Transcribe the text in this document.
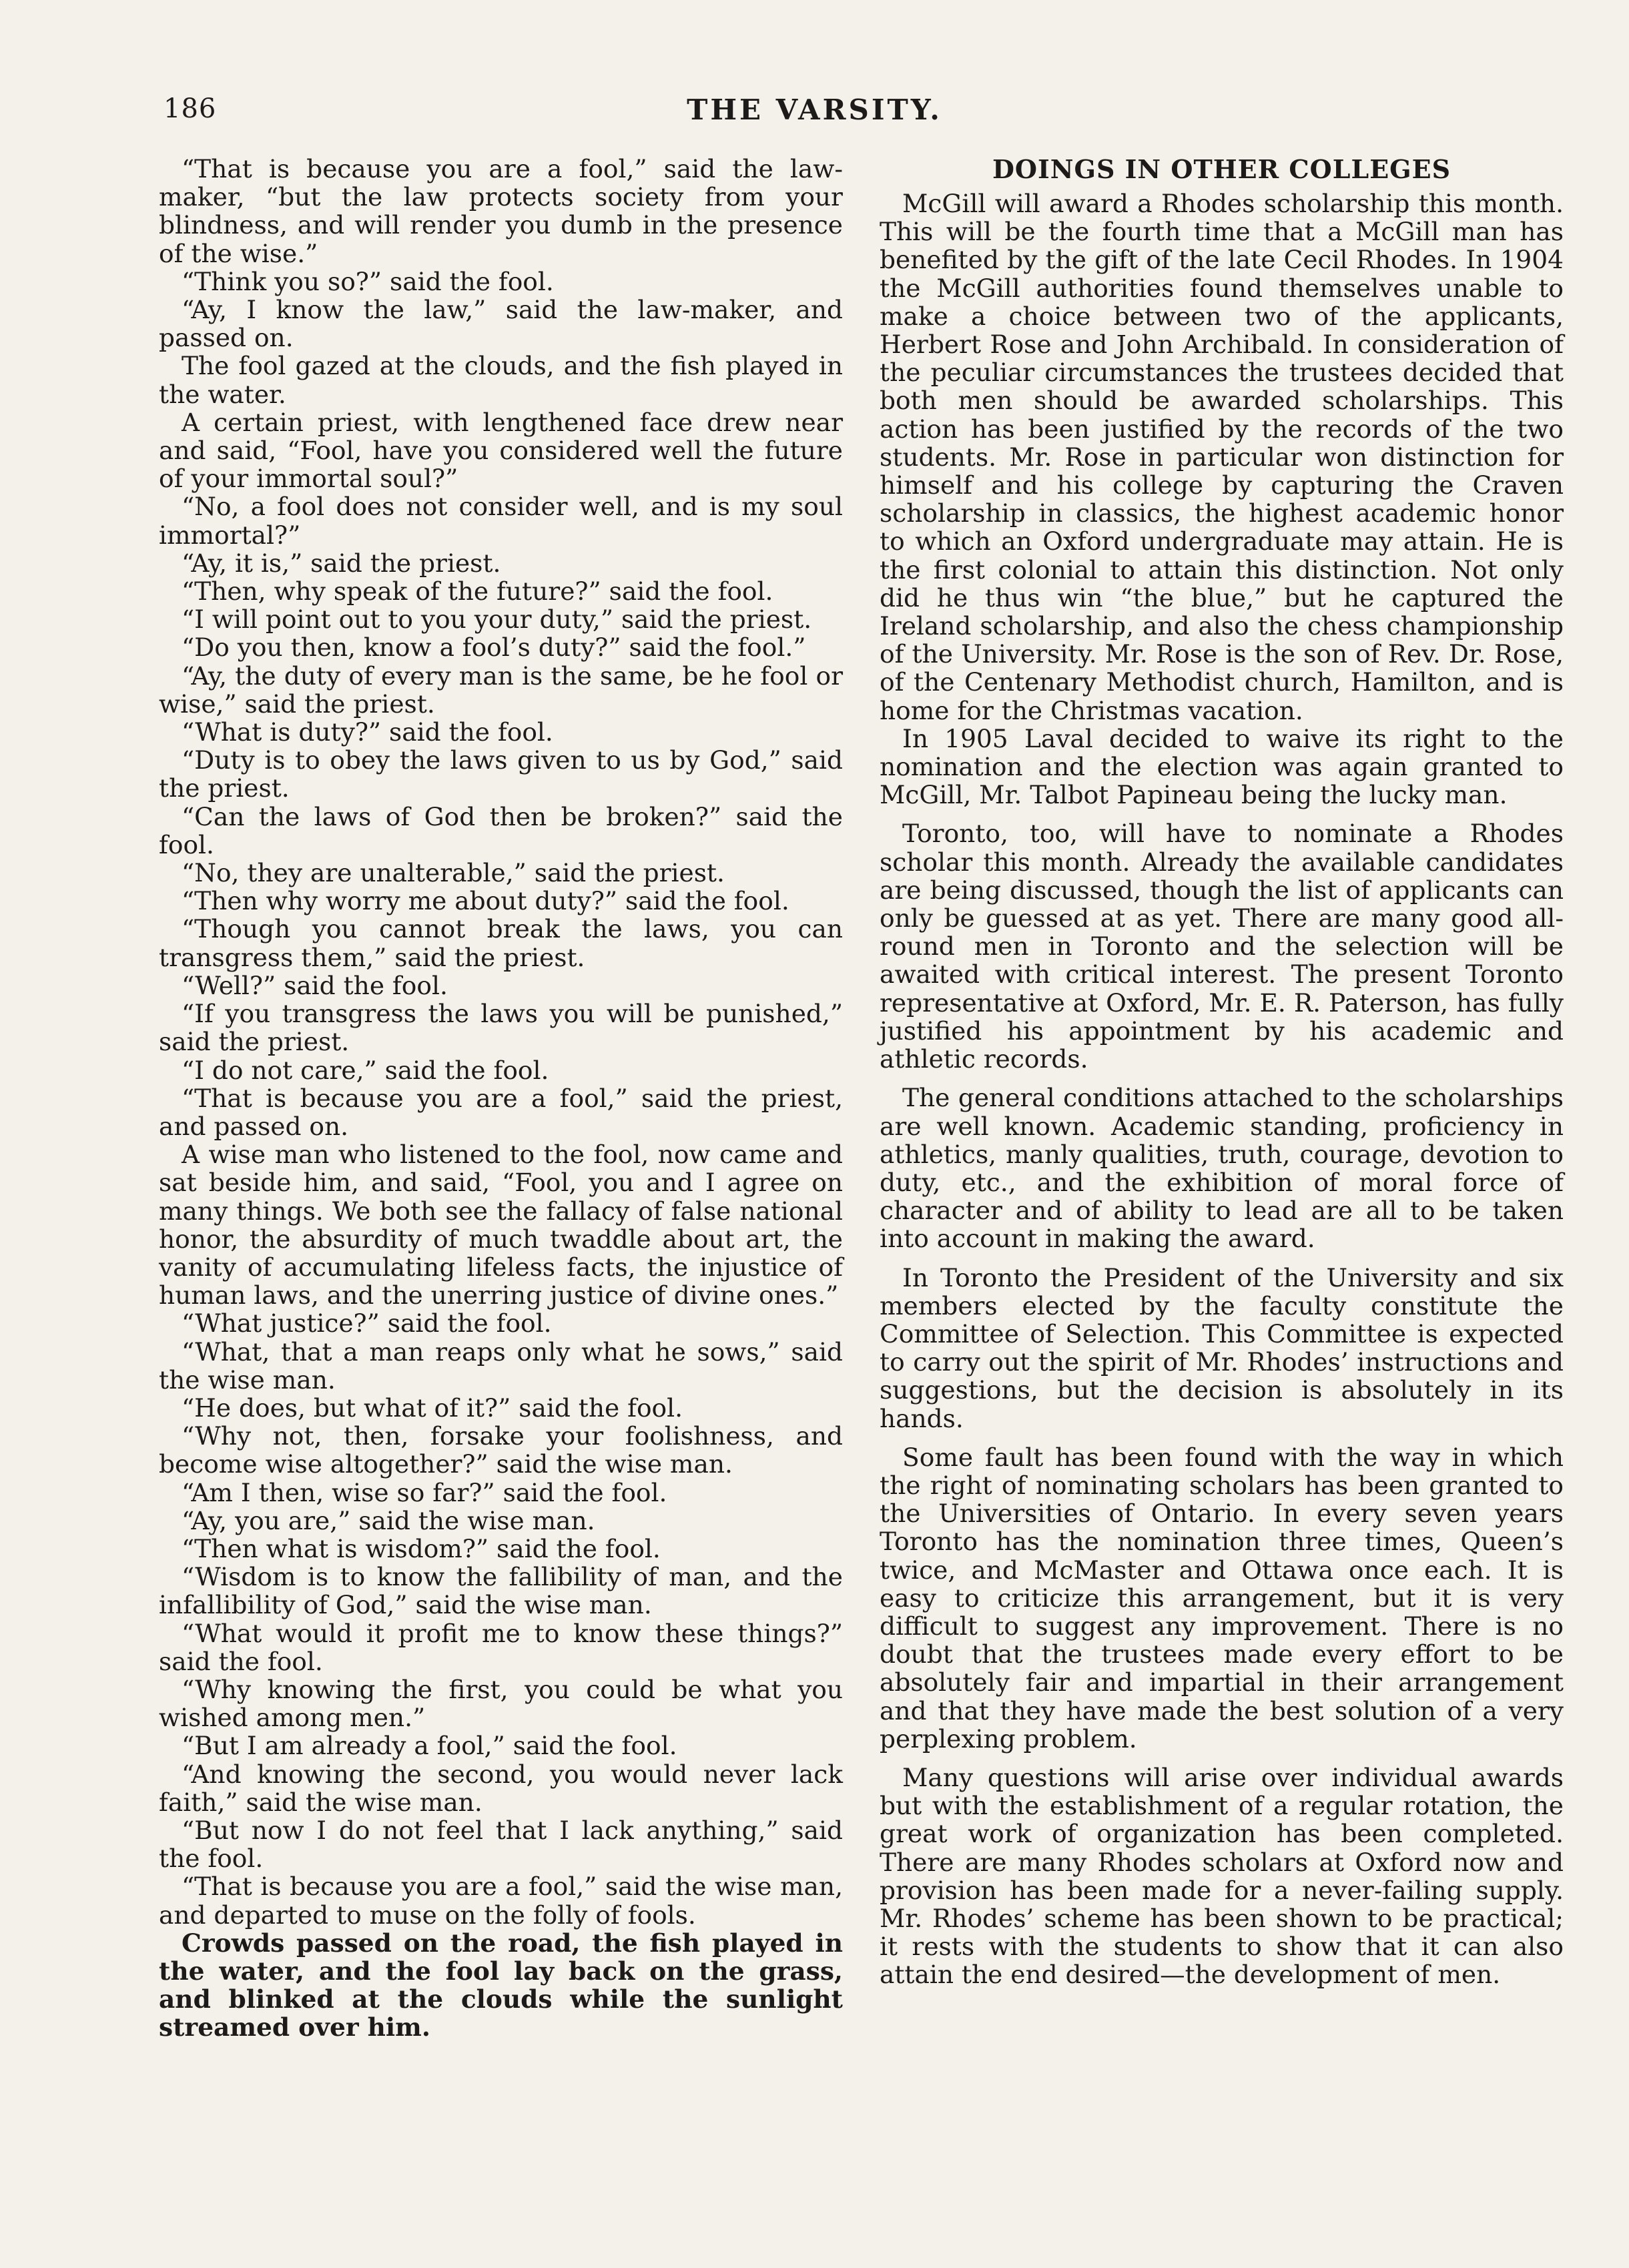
186	THE VARSITY.

“That is because you are a fool,” said the law-maker, “but the law protects society from your blindness, and will render you dumb in the presence of the wise.”

“Think you so?” said the fool.

“Ay, I know the law,” said the law-maker, and passed on.

The fool gazed at the clouds, and the fish played in the water.

A certain priest, with lengthened face drew near and said, “Fool, have you considered well the future of your immortal soul?”

“No, a fool does not consider well, and is my soul immortal?”

“Ay, it is,” said the priest.

“Then, why speak of the future?” said the fool.

“I will point out to you your duty,” said the priest.

“Do you then, know a fool’s duty?” said the fool.”

“Ay, the duty of every man is the same, be he fool or wise,” said the priest.

“What is duty?” said the fool.

“Duty is to obey the laws given to us by God,” said the priest.

“Can the laws of God then be broken?” said the fool.

“No, they are unalterable,” said the priest.

“Then why worry me about duty?” said the fool.

“Though you cannot break the laws, you can transgress them,” said the priest.

“Well?” said the fool.

“If you transgress the laws you will be punished,” said the priest.

“I do not care,” said the fool.

“That is because you are a fool,” said the priest, and passed on.

A wise man who listened to the fool, now came and sat beside him, and said, “Fool, you and I agree on many things. We both see the fallacy of false national honor, the absurdity of much twaddle about art, the vanity of accumulating lifeless facts, the injustice of human laws, and the unerring justice of divine ones.”

“What justice?” said the fool.

“What, that a man reaps only what he sows,” said the wise man.

“He does, but what of it?” said the fool.

“Why not, then, forsake your foolishness, and become wise altogether?” said the wise man.

“Am I then, wise so far?” said the fool.

“Ay, you are,” said the wise man.

“Then what is wisdom?” said the fool.

“Wisdom is to know the fallibility of man, and the infallibility of God,” said the wise man.

“What would it profit me to know these things?” said the fool.

“Why knowing the first, you could be what you wished among men.”

“But I am already a fool,” said the fool.

“And knowing the second, you would never lack faith,” said the wise man.

“But now I do not feel that I lack anything,” said the fool.

“That is because you are a fool,” said the wise man, and departed to muse on the folly of fools.

Crowds passed on the road, the fish played in the water, and the fool lay back on the grass, and blinked at the clouds while the sunlight streamed over him.

DOINGS IN OTHER COLLEGES

McGill will award a Rhodes scholarship this month. This will be the fourth time that a McGill man has benefited by the gift of the late Cecil Rhodes. In 1904 the McGill authorities found themselves unable to make a choice between two of the applicants, Herbert Rose and John Archibald. In consideration of the peculiar circumstances the trustees decided that both men should be awarded scholarships. This action has been justified by the records of the two students. Mr. Rose in particular won distinction for himself and his college by capturing the Craven scholarship in classics, the highest academic honor to which an Oxford undergraduate may attain. He is the first colonial to attain this distinction. Not only did he thus win “the blue,” but he captured the Ireland scholarship, and also the chess championship of the University. Mr. Rose is the son of Rev. Dr. Rose, of the Centenary Methodist church, Hamilton, and is home for the Christmas vacation.

In 1905 Laval decided to waive its right to the nomination and the election was again granted to McGill, Mr. Talbot Papineau being the lucky man.

Toronto, too, will have to nominate a Rhodes scholar this month. Already the available candidates are being discussed, though the list of applicants can only be guessed at as yet. There are many good all-round men in Toronto and the selection will be awaited with critical interest. The present Toronto representative at Oxford, Mr. E. R. Paterson, has fully justified his appointment by his academic and athletic records.

The general conditions attached to the scholarships are well known. Academic standing, proficiency in athletics, manly qualities, truth, courage, devotion to duty, etc., and the exhibition of moral force of character and of ability to lead are all to be taken into account in making the award.

In Toronto the President of the University and six members elected by the faculty constitute the Committee of Selection. This Committee is expected to carry out the spirit of Mr. Rhodes’ instructions and suggestions, but the decision is absolutely in its hands.

Some fault has been found with the way in which the right of nominating scholars has been granted to the Universities of Ontario. In every seven years Toronto has the nomination three times, Queen’s twice, and McMaster and Ottawa once each. It is easy to criticize this arrangement, but it is very difficult to suggest any improvement. There is no doubt that the trustees made every effort to be absolutely fair and impartial in their arrangement and that they have made the best solution of a very perplexing problem.

Many questions will arise over individual awards but with the establishment of a regular rotation, the great work of organization has been completed. There are many Rhodes scholars at Oxford now and provision has been made for a never-failing supply. Mr. Rhodes’ scheme has been shown to be practical; it rests with the students to show that it can also attain the end desired—the development of men.
